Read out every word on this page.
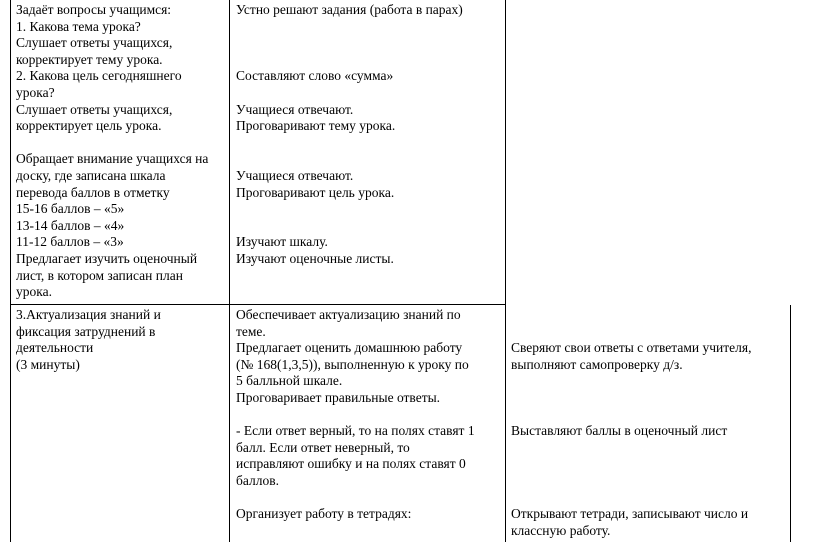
Задаёт вопросы учащимся:
1. Какова тема урока?
Слушает ответы учащихся,
корректирует тему урока.
2. Какова цель сегодняшнего
урока?
Слушает ответы учащихся,
корректирует цель урока.

Обращает внимание учащихся на
доску, где записана шкала
перевода баллов в отметку
15-16 баллов – «5»
13-14 баллов – «4»
11-12 баллов – «3»
Предлагает изучить оценочный
лист, в котором записан план
урока.
Устно решают задания (работа в парах)

Составляют слово «сумма»

Учащиеся отвечают.
Проговаривают тему урока.

Учащиеся отвечают.
Проговаривают цель урока.

Изучают шкалу.
Изучают оценочные листы.
3.Актуализация знаний и
фиксация затруднений в
деятельности
(3 минуты)
Обеспечивает актуализацию знаний по
теме.
Предлагает оценить домашнюю работу
(№ 168(1,3,5)), выполненную к уроку по
5 балльной шкале.
Проговаривает правильные ответы.

- Если ответ верный, то на полях ставят 1
балл. Если ответ неверный, то
исправляют ошибку и на полях ставят 0
баллов.

Организует работу в тетрадях:
Сверяют свои ответы с ответами учителя,
выполняют самопроверку д/з.

Выставляют баллы в оценочный лист

Открывают тетради, записывают число и
классную работу.
